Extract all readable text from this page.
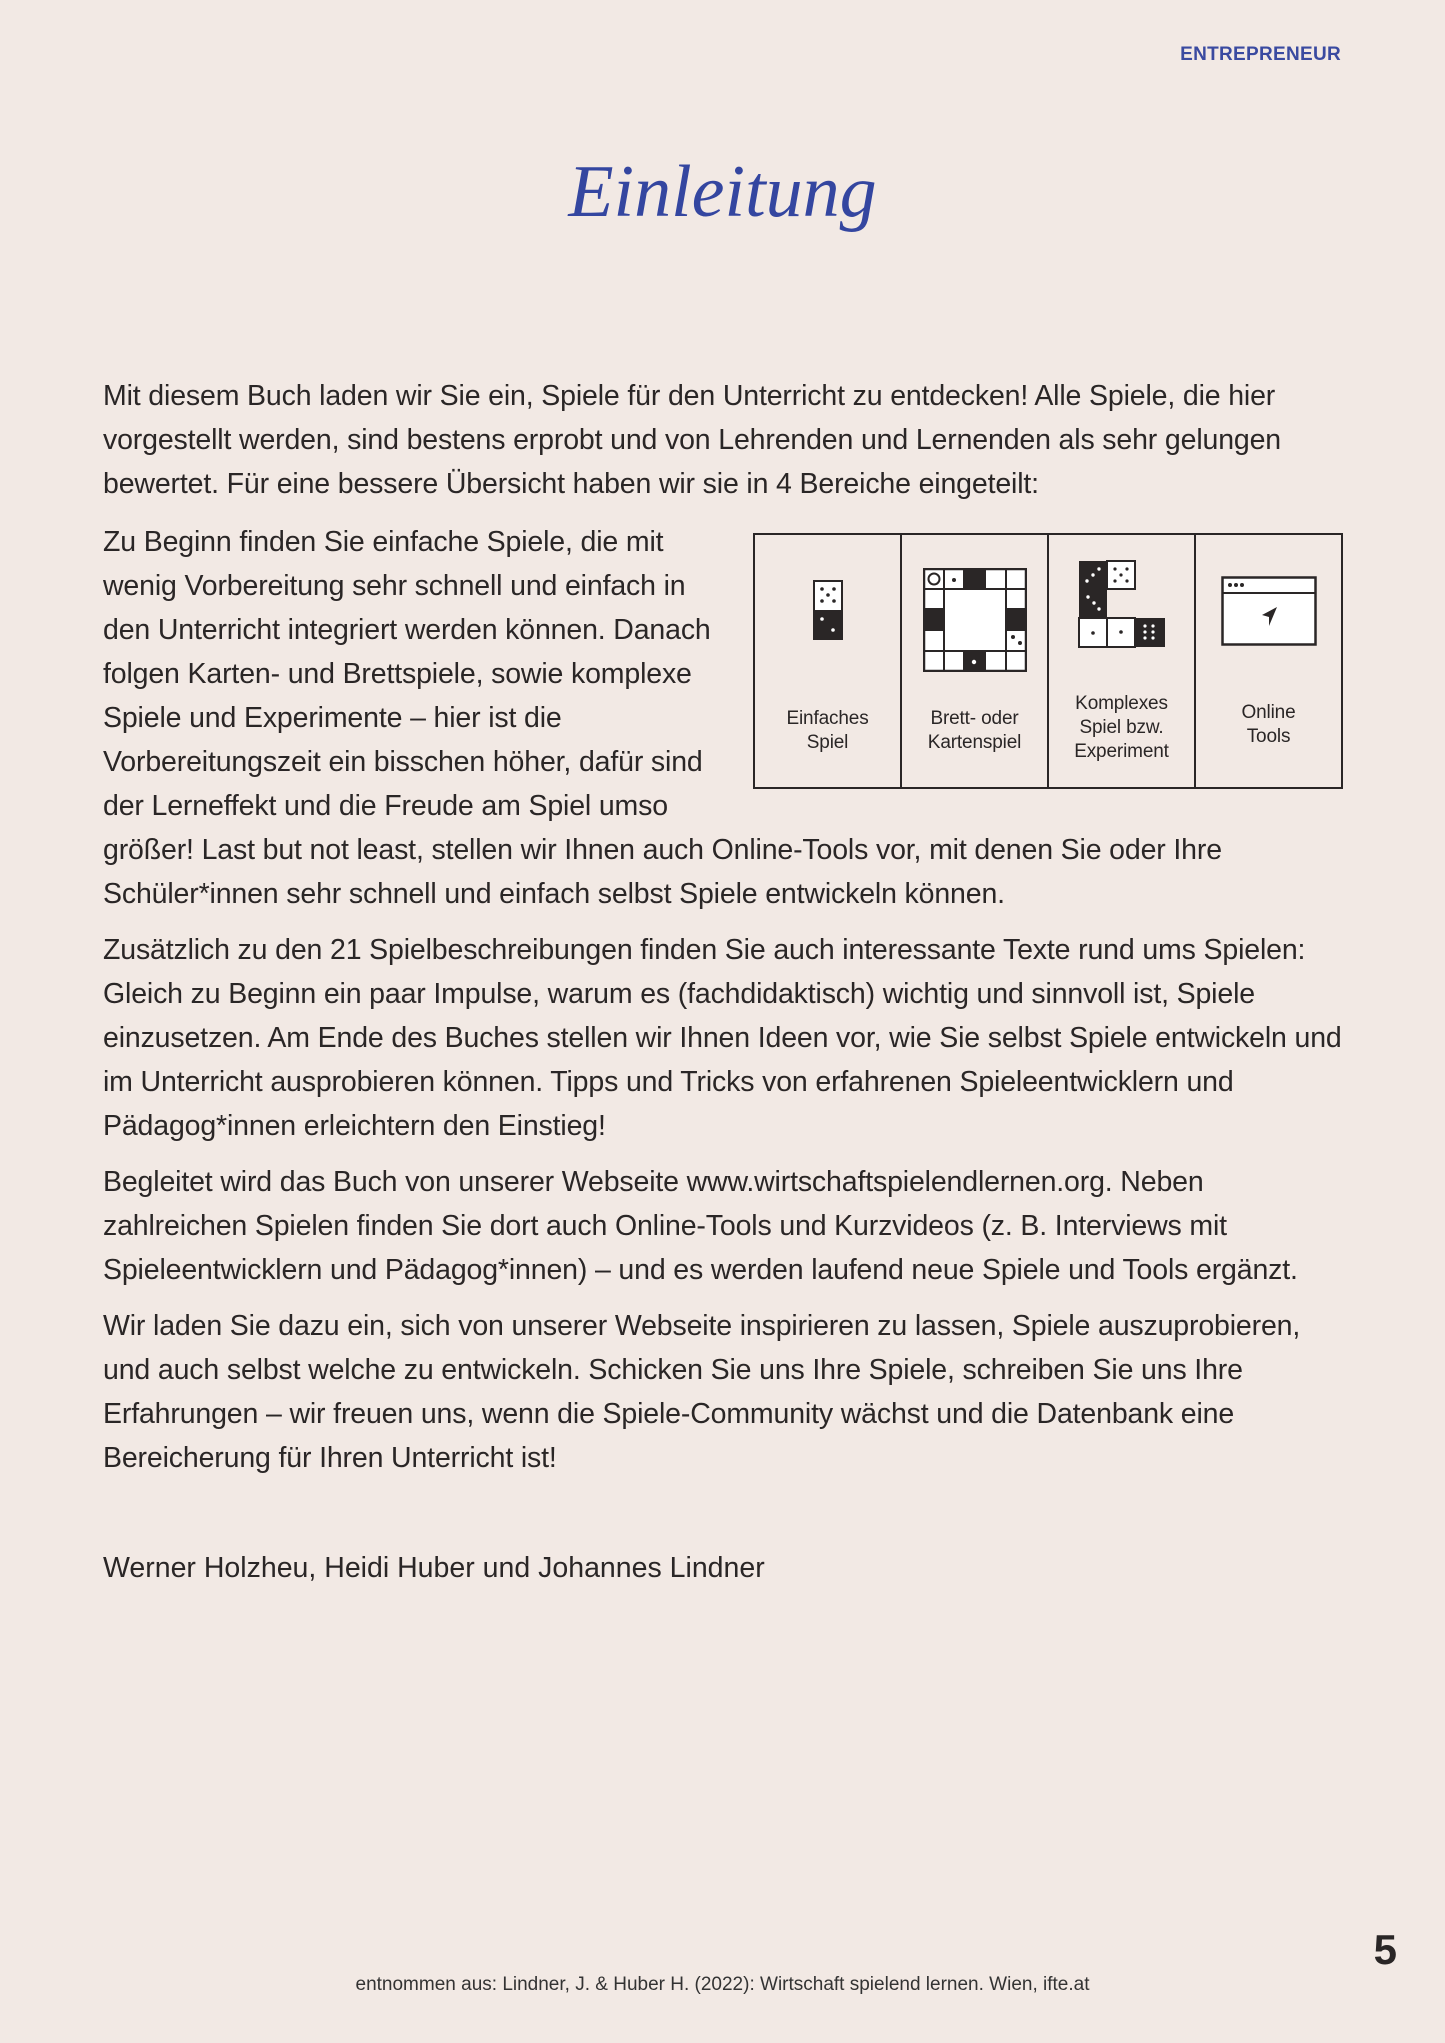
ENTREPRENEUR
Einleitung

Mit diesem Buch laden wir Sie ein, Spiele für den Unterricht zu entdecken! Alle Spiele, die hier vorgestellt werden, sind bestens erprobt und von Lehrenden und Lernenden als sehr gelungen bewertet. Für eine bessere Übersicht haben wir sie in 4 Bereiche eingeteilt:

Einfaches
Spiel
Brett- oder
Kartenspiel
Komplexes
Spiel bzw.
Experiment
Online
Tools

Zu Beginn finden Sie einfache Spiele, die mit wenig Vorbereitung sehr schnell und einfach in den Unterricht integriert werden können. Danach folgen Karten- und Brettspiele, sowie komplexe Spiele und Experimente – hier ist die Vorbereitungszeit ein bisschen höher, dafür sind der Lerneffekt und die Freude am Spiel umso größer! Last but not least, stellen wir Ihnen auch Online-Tools vor, mit denen Sie oder Ihre Schüler*innen sehr schnell und einfach selbst Spiele entwickeln können.

Zusätzlich zu den 21 Spielbeschreibungen finden Sie auch interessante Texte rund ums Spielen: Gleich zu Beginn ein paar Impulse, warum es (fachdidaktisch) wichtig und sinnvoll ist, Spiele einzusetzen. Am Ende des Buches stellen wir Ihnen Ideen vor, wie Sie selbst Spiele entwickeln und im Unterricht ausprobieren können. Tipps und Tricks von erfahrenen Spieleentwicklern und Pädagog*innen erleichtern den Einstieg!

Begleitet wird das Buch von unserer Webseite www.wirtschaftspielendlernen.org. Neben zahlreichen Spielen finden Sie dort auch Online-Tools und Kurzvideos (z. B. Interviews mit Spieleentwicklern und Pädagog*innen) – und es werden laufend neue Spiele und Tools ergänzt.

Wir laden Sie dazu ein, sich von unserer Webseite inspirieren zu lassen, Spiele auszuprobieren, und auch selbst welche zu entwickeln. Schicken Sie uns Ihre Spiele, schreiben Sie uns Ihre Erfahrungen – wir freuen uns, wenn die Spiele-Community wächst und die Datenbank eine Bereicherung für Ihren Unterricht ist!

Werner Holzheu, Heidi Huber und Johannes Lindner
5
entnommen aus: Lindner, J. & Huber H. (2022): Wirtschaft spielend lernen. Wien, ifte.at
